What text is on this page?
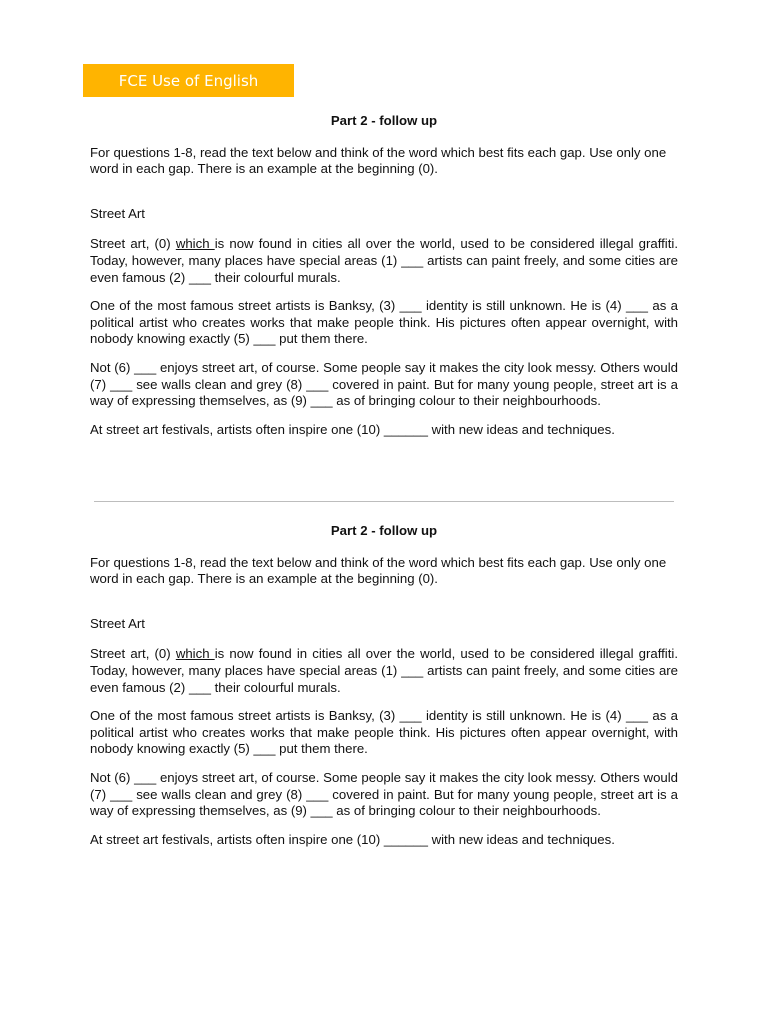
FCE Use of English
Part 2 - follow up

For questions 1-8, read the text below and think of the word which best fits each gap. Use only one word in each gap. There is an example at the beginning (0).

Street Art

Street art, (0) which is now found in cities all over the world, used to be considered illegal graffiti. Today, however, many places have special areas (1) ___ artists can paint freely, and some cities are even famous (2) ___ their colourful murals.

One of the most famous street artists is Banksy, (3) ___ identity is still unknown. He is (4) ___ as a political artist who creates works that make people think. His pictures often appear overnight, with nobody knowing exactly (5) ___ put them there.

Not (6) ___ enjoys street art, of course. Some people say it makes the city look messy. Others would (7) ___ see walls clean and grey (8) ___ covered in paint. But for many young people, street art is a way of expressing themselves, as (9) ___ as of bringing colour to their neighbourhoods.

At street art festivals, artists often inspire one (10) ______ with new ideas and techniques.

Part 2 - follow up

For questions 1-8, read the text below and think of the word which best fits each gap. Use only one word in each gap. There is an example at the beginning (0).

Street Art

Street art, (0) which is now found in cities all over the world, used to be considered illegal graffiti. Today, however, many places have special areas (1) ___ artists can paint freely, and some cities are even famous (2) ___ their colourful murals.

One of the most famous street artists is Banksy, (3) ___ identity is still unknown. He is (4) ___ as a political artist who creates works that make people think. His pictures often appear overnight, with nobody knowing exactly (5) ___ put them there.

Not (6) ___ enjoys street art, of course. Some people say it makes the city look messy. Others would (7) ___ see walls clean and grey (8) ___ covered in paint. But for many young people, street art is a way of expressing themselves, as (9) ___ as of bringing colour to their neighbourhoods.

At street art festivals, artists often inspire one (10) ______ with new ideas and techniques.
